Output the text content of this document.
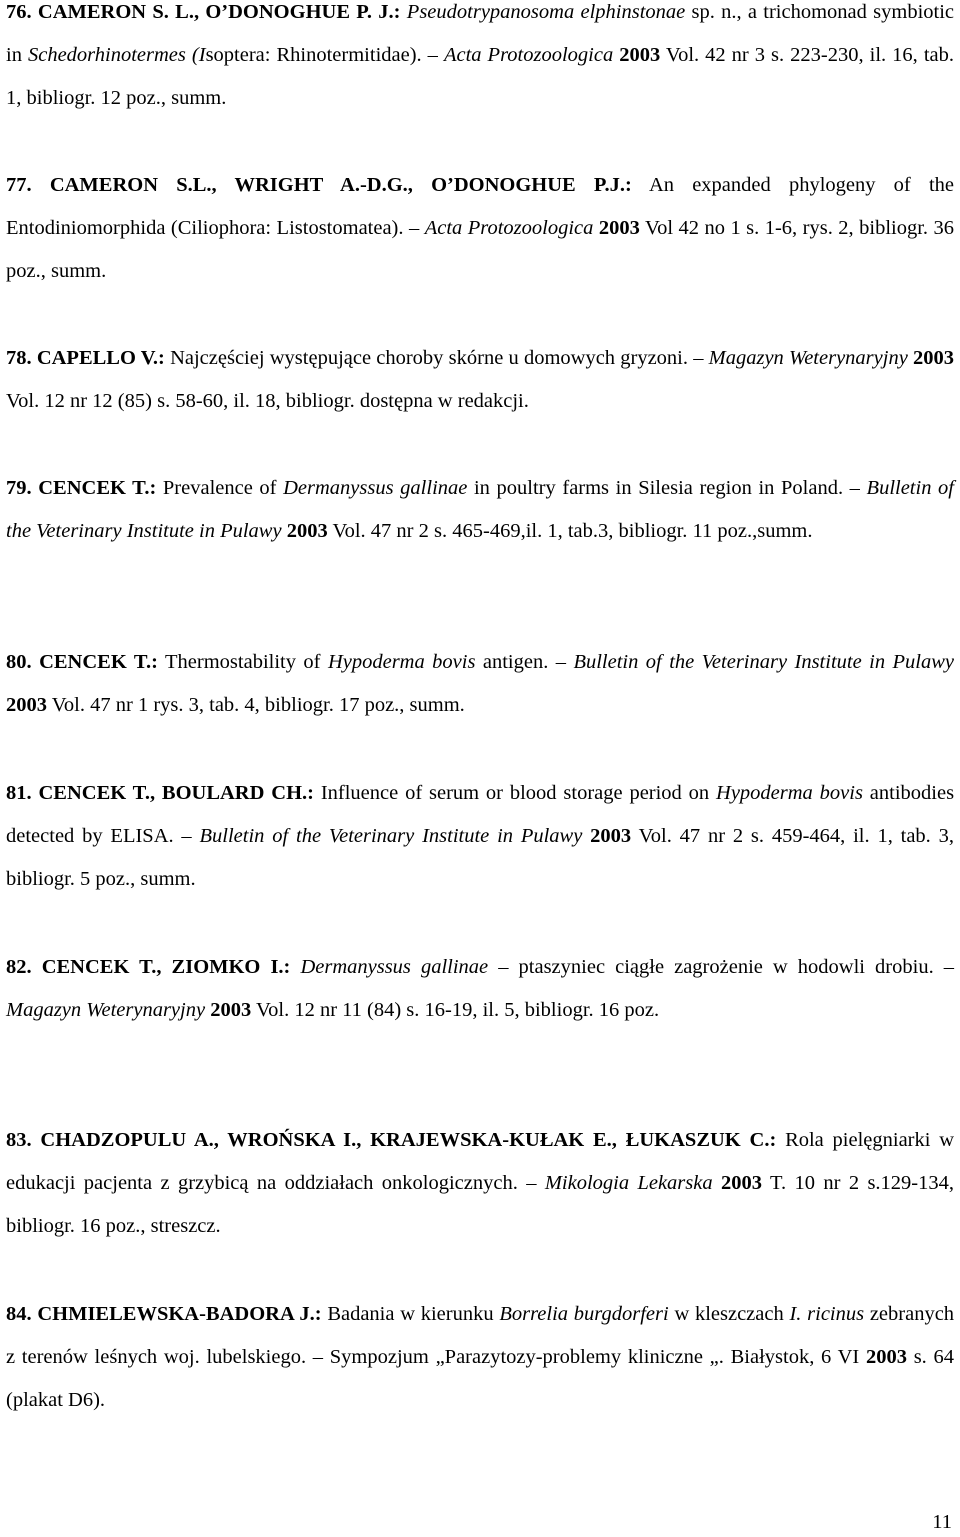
76. CAMERON S. L., O’DONOGHUE P. J.: Pseudotrypanosoma elphinstonae sp. n., a trichomonad symbiotic in Schedorhinotermes (Isoptera: Rhinotermitidae). – Acta Protozoologica 2003 Vol. 42 nr 3 s. 223-230, il. 16, tab. 1, bibliogr. 12 poz., summ.

77. CAMERON S.L., WRIGHT A.-D.G., O’DONOGHUE P.J.: An expanded phylogeny of the Entodiniomorphida (Ciliophora: Listostomatea). – Acta Protozoologica 2003 Vol 42 no 1 s. 1-6, rys. 2, bibliogr. 36 poz., summ.

78. CAPELLO V.: Najczęściej występujące choroby skórne u domowych gryzoni. – Magazyn Weterynaryjny 2003 Vol. 12 nr 12 (85) s. 58-60, il. 18, bibliogr. dostępna w redakcji.

79. CENCEK T.: Prevalence of Dermanyssus gallinae in poultry farms in Silesia region in Poland. – Bulletin of the Veterinary Institute in Pulawy 2003 Vol. 47 nr 2 s. 465-469,il. 1, tab.3, bibliogr. 11 poz.,summ.

80. CENCEK T.: Thermostability of Hypoderma bovis antigen. – Bulletin of the Veterinary Institute in Pulawy 2003 Vol. 47 nr 1 rys. 3, tab. 4, bibliogr. 17 poz., summ.

81. CENCEK T., BOULARD CH.: Influence of serum or blood storage period on Hypoderma bovis antibodies detected by ELISA. – Bulletin of the Veterinary Institute in Pulawy 2003 Vol. 47 nr 2 s. 459-464, il. 1, tab. 3, bibliogr. 5 poz., summ.

82. CENCEK T., ZIOMKO I.: Dermanyssus gallinae – ptaszyniec ciągłe zagrożenie w hodowli drobiu. – Magazyn Weterynaryjny 2003 Vol. 12 nr 11 (84) s. 16-19, il. 5, bibliogr. 16 poz.

83. CHADZOPULU A., WROŃSKA I., KRAJEWSKA-KUŁAK E., ŁUKASZUK C.: Rola pielęgniarki w edukacji pacjenta z grzybicą na oddziałach onkologicznych. – Mikologia Lekarska 2003 T. 10 nr 2 s.129-134, bibliogr. 16 poz., streszcz.

84. CHMIELEWSKA-BADORA J.: Badania w kierunku Borrelia burgdorferi w kleszczach I. ricinus zebranych z terenów leśnych woj. lubelskiego. – Sympozjum „Parazytozy-problemy kliniczne „. Białystok, 6 VI 2003 s. 64 (plakat D6).

11
